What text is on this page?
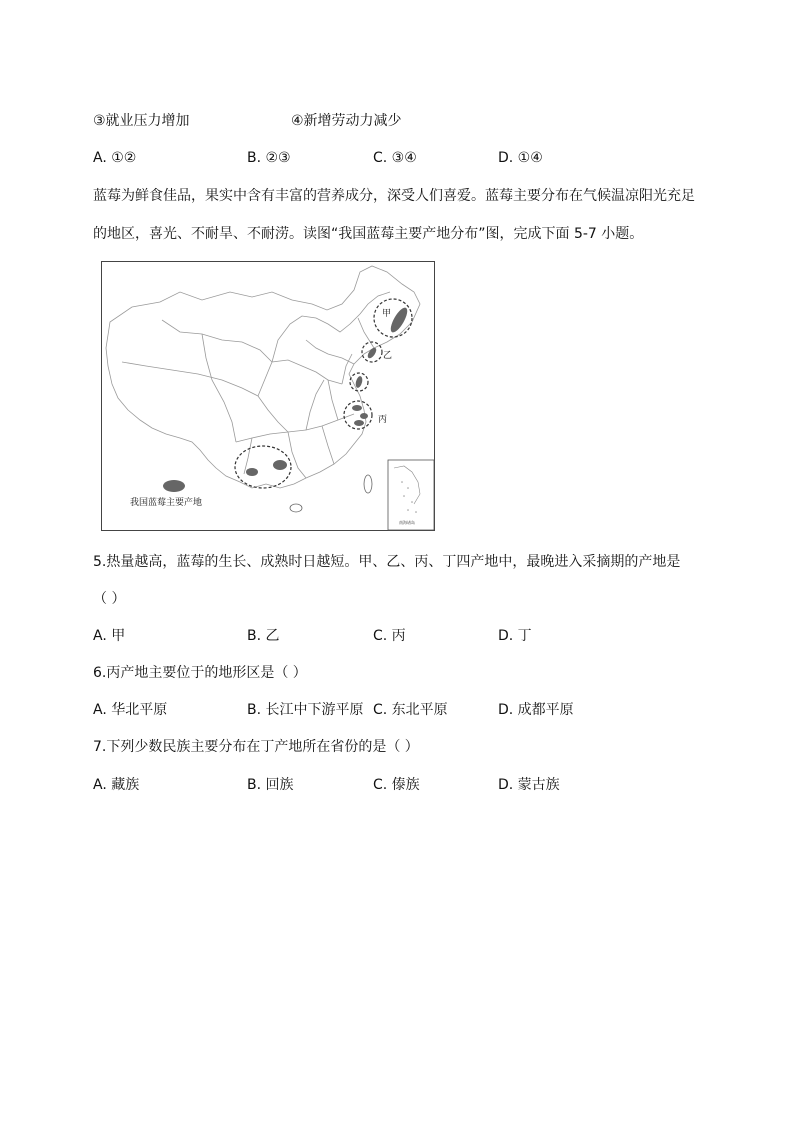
③就业压力增加	④新增劳动力减少
A. ①②	B. ②③	C. ③④	D. ①④
蓝莓为鲜食佳品，果实中含有丰富的营养成分，深受人们喜爱。蓝莓主要分布在气候温凉阳光充足
的地区，喜光、不耐旱、不耐涝。读图“我国蓝莓主要产地分布”图，完成下面 5-7 小题。
甲
乙
丙
我国蓝莓主要产地
南海诸岛
5.热量越高，蓝莓的生长、成熟时日越短。甲、乙、丙、丁四产地中，最晚进入采摘期的产地是
（ ）
A. 甲	B. 乙	C. 丙	D. 丁
6.丙产地主要位于的地形区是（ ）
A. 华北平原	B. 长江中下游平原 C. 东北平原	D. 成都平原
7.下列少数民族主要分布在丁产地所在省份的是（ ）
A. 藏族	B. 回族	C. 傣族	D. 蒙古族
